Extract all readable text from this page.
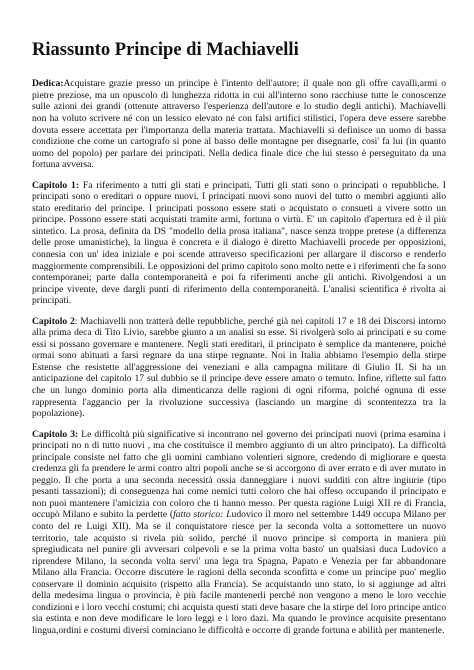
Riassunto Principe di Machiavelli

Dedica:Acquistare grazie presso un principe è l'intento dell'autore; il quale non gli offre cavalli,armi o pietre preziose, ma un opuscolo di lunghezza ridotta in cui all'interno sono racchiuse tutte le conoscenze sulle azioni dei grandi (ottenute attraverso l'esperienza dell'autore e lo studio degli antichi). Machiavelli non ha voluto scrivere né con un lessico elevato né con falsi artifici stilistici, l'opera deve essere sarebbe dovuta essere accettata per l'importanza della materia trattata. Machiavelli si definisce un uomo di bassa condizione che come un cartografo si pone al basso delle montagne per disegnarle, cosi' fa lui (in quanto uomo del popolo) per parlare dei principati. Nella dedica finale dice che lui stesso è perseguitato da una fortuna avversa.

Capitolo 1: Fa riferimento a tutti gli stati e principati. Tutti gli stati sono o principati o repubbliche. I principati sono o ereditari o oppure nuovi. I principati nuovi sono nuovi del tutto o membri aggiunti allo stato ereditario del principe. I principati possono essere stati o acquistato o consueti a vivere sotto un principe. Possono essere stati acquistati tramite armi, fortuna o virtù. E' un capitolo d'apertura ed è il più sintetico. La prosa, definita da DS "modello della prosa italiana", nasce senza troppe pretese (a differenza delle prose umanistiche), la lingua è concreta e il dialogo è diretto Machiavelli procede per opposizioni, connesia con un' idea iniziale e poi scende attraverso specificazioni per allargare il discorso e renderlo maggiormente comprensibili. Le opposizioni del primo capitolo sono molto nette e i riferimenti che fa sono contemporanei; parte dalla contemporaneità e poi fa riferimenti anche gli antichi. Rivolgendosi a un principe vivente, deve dargli punti di riferimento della contemporaneità. L'analisi scientifica è rivolta ai principati.

Capitolo 2: Machiavelli non tratterà delle repubbliche, perché già nei capitoli 17 e 18 dei Discorsi intorno alla prima deca di Tito Livio, sarebbe giunto a un analisi su esse. Si rivolgerà solo ai principati e su come essi si possano governare e mantenere. Negli stati ereditari, il principato è semplice da mantenere, poiché ormai sono abituati a farsi regnare da una stirpe regnante. Noi in Italia abbiamo l'esempio della stirpe Estense che resistette all'aggressione dei veneziani e alla campagna militare di Giulio II. Si ha un anticipazione del capitolo 17 sul dubbio se il principe deve essere amato o temuto. Infine, riflette sul fatto che un lungo dominio porta alla dimenticanza delle ragioni di ogni riforma, poiché ognuna di esse rappresenta l'aggancio per la rivoluzione successiva (lasciando un margine di scontentezza tra la popolazione).

Capitolo 3: Le difficoltà più significative si incontrano nel governo dei principati nuovi (prima esamina i principati no n di tutto nuovi , ma che costituisce il membro aggiunto di un altro principato). La difficoltà principale consiste nel fatto che gli uomini cambiano volentieri signore, credendo di migliorare e questa credenza gli fa prendere le armi contro altri popoli anche se si accorgono di aver errato e di aver mutato in peggio. Il che porta a una seconda necessità ossia danneggiare i nuovi sudditi con altre ingiurie (tipo pesanti tassazioni); di conseguenza hai come nemici tutti coloro che hai offeso occupando il principato e non puoi mantenere l'amicizia con coloro che ti hanno messo. Per questa ragione Luigi XII re di Francia, occupò Milano e subito la perdette (fatto storico: Ludovico il moro nel settembre 1449 occupa Milano per conto del re Luigi XII). Ma se il conquistatore riesce per la seconda volta a sottomettere un nuovo territorio, tale acquisto si rivela più solido, perché il nuovo principe si comporta in maniera più spregiudicata nel punire gli avversari colpevoli e se la prima volta basto' un qualsiasi duca Ludovico a riprendere Milano, la seconda volta servi' una lega tra Spagna, Papato e Venezia per far abbandonare Milano alla Francia. Occorre discutere le ragioni della seconda sconfitta e come un principe puo' meglio conservare il dominio acquisito (rispetto alla Francia). Se acquistando uno stato, lo si aggiunge ad altri della medesima lingua o provincia, è più facile mantenerli perché non vengono a meno le loro vecchie condizioni e i loro vecchi costumi; chi acquista questi stati deve basare che la stirpe del loro principe antico sia estinta e non deve modificare le loro leggi e i loro dazi. Ma quando le province acquisite presentano lingua,ordini e costumi diversi cominciano le difficoltà e occorre di grande fortuna e abilità per mantenerle.
